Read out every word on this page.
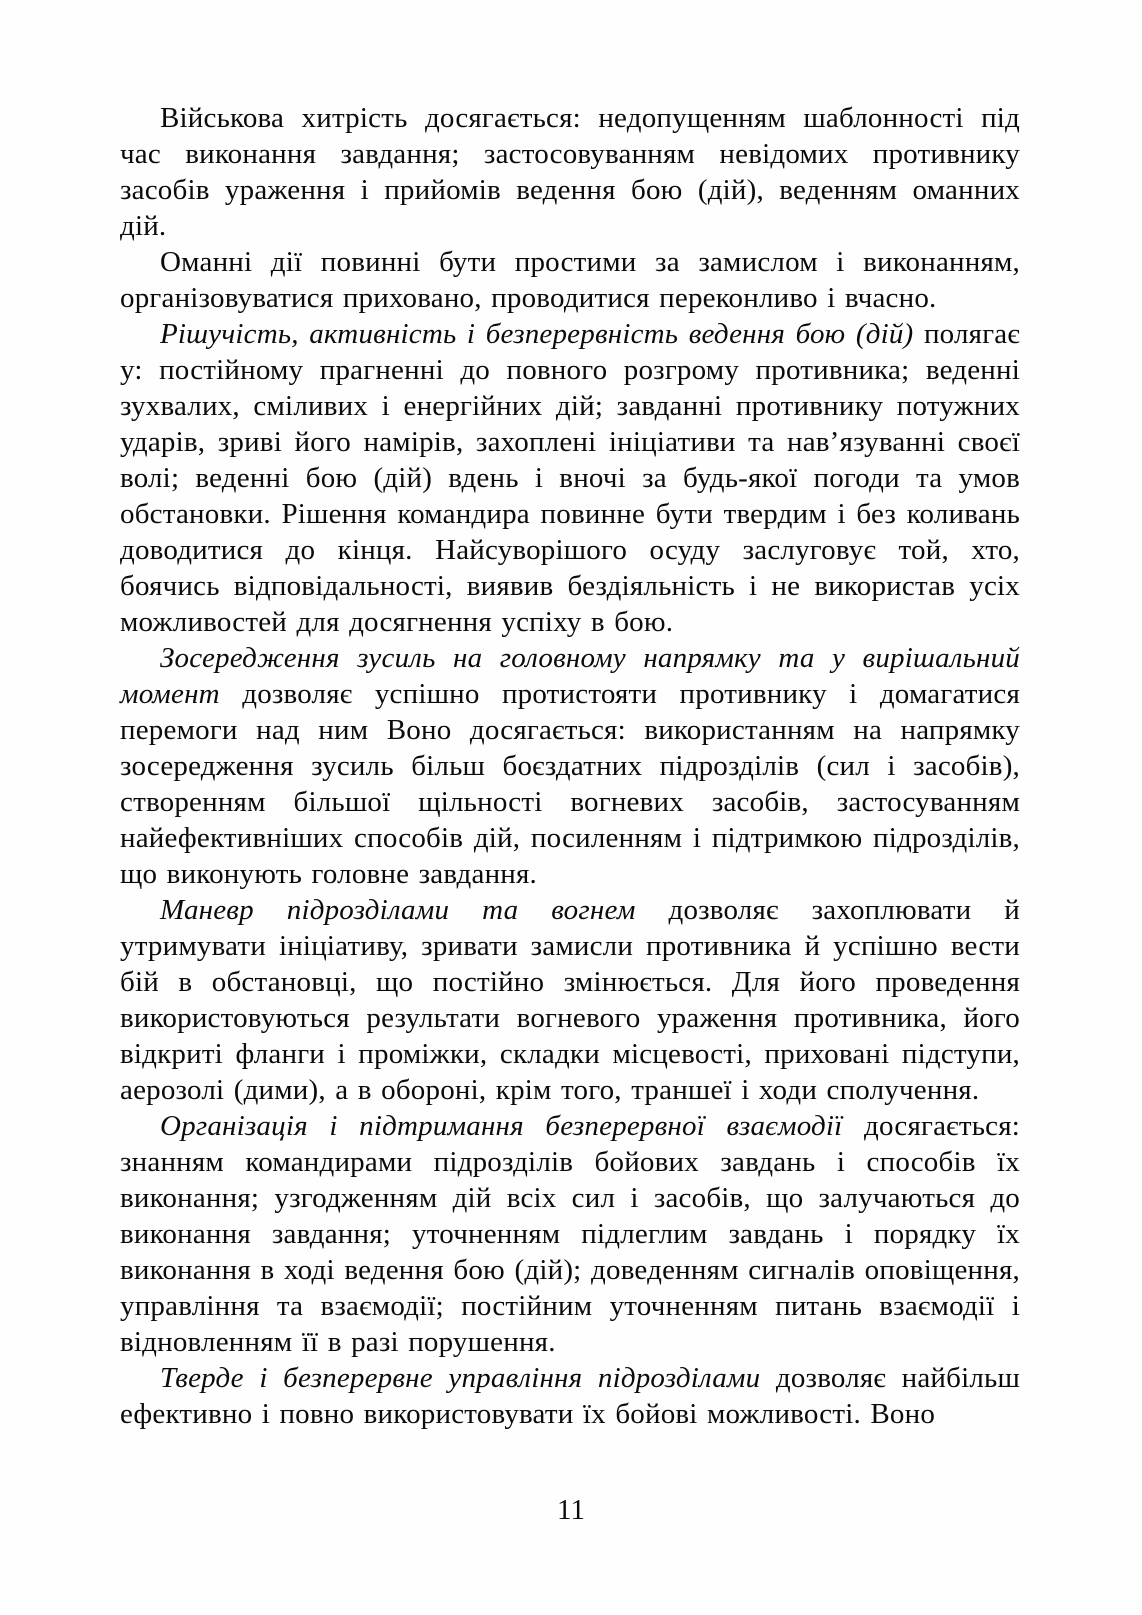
Військова хитрість досягається: недопущенням шаблонності під час виконання завдання; застосовуванням невідомих противнику засобів ураження і прийомів ведення бою (дій), веденням оманних дій.

Оманні дії повинні бути простими за замислом і виконанням, організовуватися приховано, проводитися переконливо і вчасно.

Рішучість, активність і безперервність ведення бою (дій) полягає у: постійному прагненні до повного розгрому противника; веденні зухвалих, сміливих і енергійних дій; завданні противнику потужних ударів, зриві його намірів, захоплені ініціативи та нав’язуванні своєї волі; веденні бою (дій) вдень і вночі за будь-якої погоди та умов обстановки. Рішення командира повинне бути твердим і без коливань доводитися до кінця. Найсуворішого осуду заслуговує той, хто, боячись відповідальності, виявив бездіяльність і не використав усіх можливостей для досягнення успіху в бою.

Зосередження зусиль на головному напрямку та у вирішальний момент дозволяє успішно протистояти противнику і домагатися перемоги над ним Воно досягається: використанням на напрямку зосередження зусиль більш боєздатних підрозділів (сил і засобів), створенням більшої щільності вогневих засобів, застосуванням найефективніших способів дій, посиленням і підтримкою підрозділів, що виконують головне завдання.

Маневр підрозділами та вогнем дозволяє захоплювати й утримувати ініціативу, зривати замисли противника й успішно вести бій в обстановці, що постійно змінюється. Для його проведення використовуються результати вогневого ураження противника, його відкриті фланги і проміжки, складки місцевості, приховані підступи, аерозолі (дими), а в обороні, крім того, траншеї і ходи сполучення.

Організація і підтримання безперервної взаємодії досягається: знанням командирами підрозділів бойових завдань і способів їх виконання; узгодженням дій всіх сил і засобів, що залучаються до виконання завдання; уточненням підлеглим завдань і порядку їх виконання в ході ведення бою (дій); доведенням сигналів оповіщення, управління та взаємодії; постійним уточненням питань взаємодії і відновленням її в разі порушення.

Тверде і безперервне управління підрозділами дозволяє найбільш ефективно і повно використовувати їх бойові можливості. Воно

11
